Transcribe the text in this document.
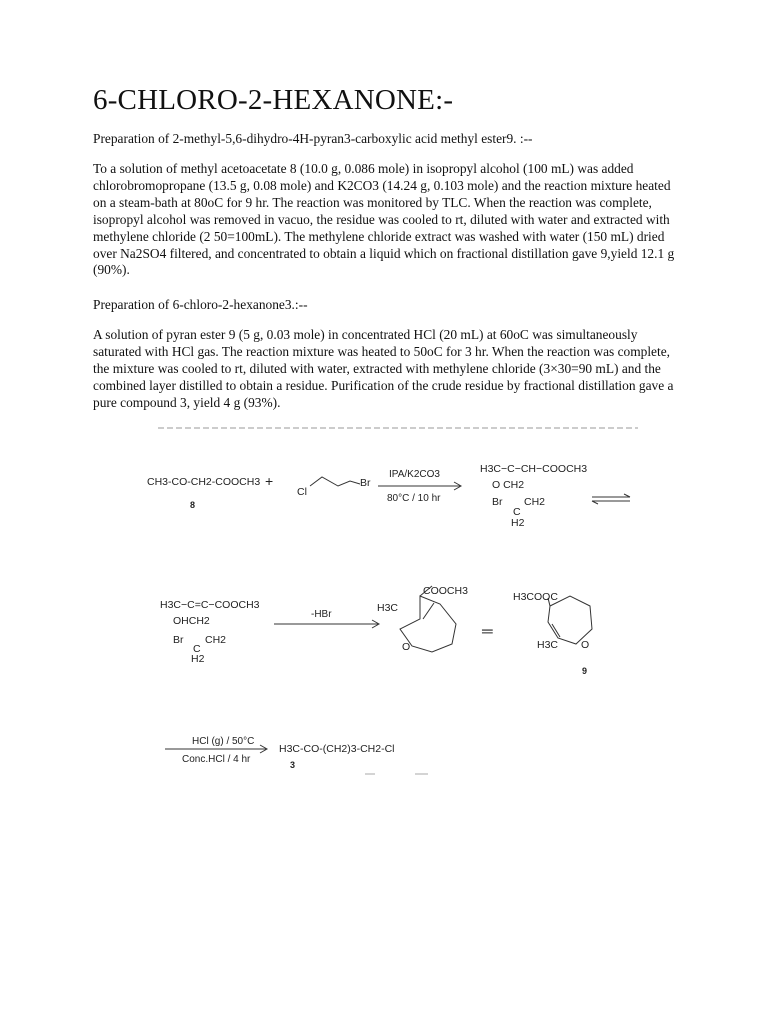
6-CHLORO-2-HEXANONE:-

Preparation of 2-methyl-5,6-dihydro-4H-pyran3-carboxylic acid methyl ester9. :--

To a solution of methyl acetoacetate 8 (10.0 g, 0.086 mole) in isopropyl alcohol (100 mL) was added chlorobromopropane (13.5 g, 0.08 mole) and K2CO3 (14.24 g, 0.103 mole) and the reaction mixture heated on a steam-bath at 80oC for 9 hr. The reaction was monitored by TLC. When the reaction was complete, isopropyl alcohol was removed in vacuo, the residue was cooled to rt, diluted with water and extracted with methylene chloride (2 50=100mL). The methylene chloride extract was washed with water (150 mL) dried over Na2SO4 filtered, and concentrated to obtain a liquid which on fractional distillation gave 9,yield 12.1 g (90%).

Preparation of 6-chloro-2-hexanone3.:--

A solution of pyran ester 9 (5 g, 0.03 mole) in concentrated HCl (20 mL) at 60oC was simultaneously saturated with HCl gas. The reaction mixture was heated to 50oC for 3 hr. When the reaction was complete, the mixture was cooled to rt, diluted with water, extracted with methylene chloride (3×30=90 mL) and the combined layer distilled to obtain a residue. Purification of the crude residue by fractional distillation gave a pure compound 3, yield 4 g (93%).

CH3-CO-CH2-COOCH3
8
+
Cl
Br
IPA/K2CO3
80°C / 10 hr
H3C−C−CH−COOCH3
O CH2
Br CH2
C
H2
H3C−C=C−COOCH3
OHCH2
Br CH2
C
H2
-HBr
COOCH3
H3C
O
═
H3COOC
H3C O
9
HCl (g) / 50°C
Conc.HCl / 4 hr
H3C-CO-(CH2)3-CH2-Cl
3
